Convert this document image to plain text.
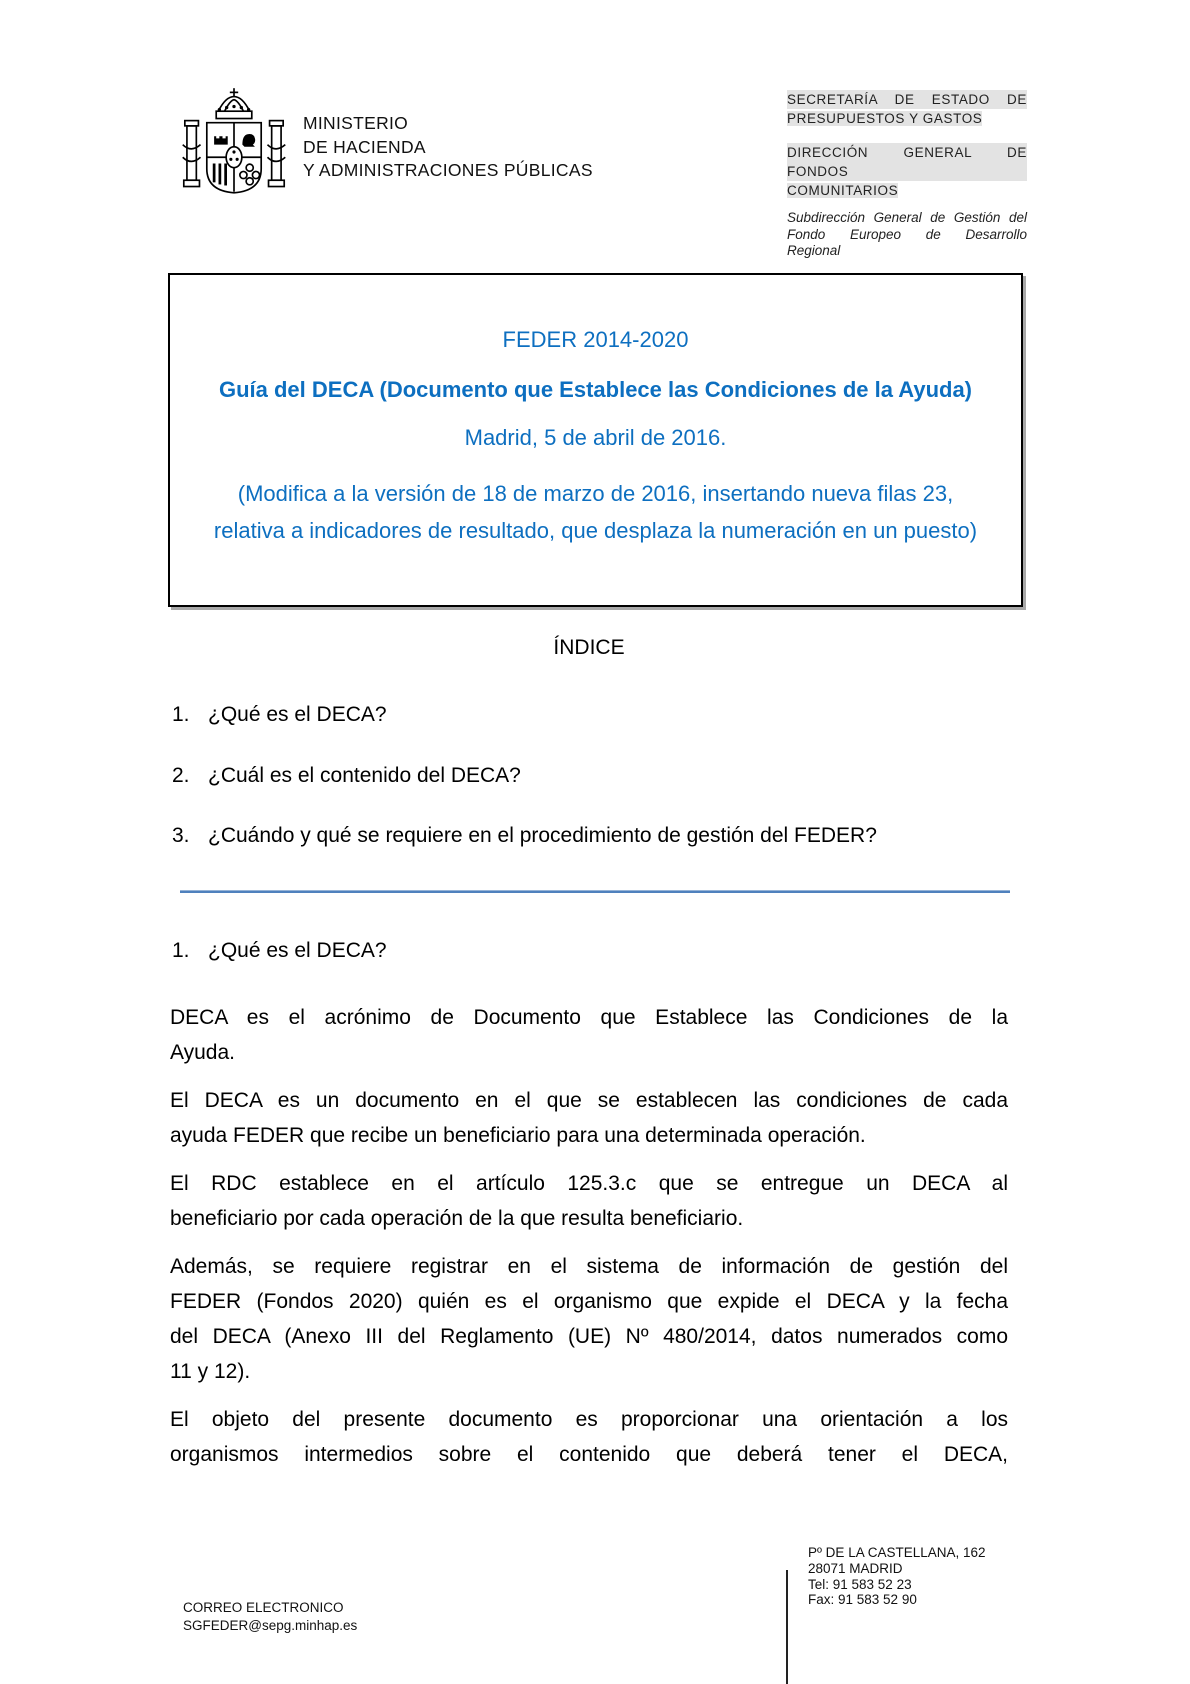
MINISTERIO
DE HACIENDA
Y ADMINISTRACIONES PÚBLICAS
SECRETARÍA DE ESTADO DE
PRESUPUESTOS Y GASTOS
DIRECCIÓN GENERAL DE FONDOS
COMUNITARIOS
Subdirección General de Gestión del
Fondo Europeo de Desarrollo
Regional
FEDER 2014-2020
Guía del DECA (Documento que Establece las Condiciones de la Ayuda)
Madrid, 5 de abril de 2016.
(Modifica a la versión de 18 de marzo de 2016, insertando nueva filas 23,
relativa a indicadores de resultado, que desplaza la numeración en un puesto)
ÍNDICE
1. ¿Qué es el DECA?
2. ¿Cuál es el contenido del DECA?
3. ¿Cuándo y qué se requiere en el procedimiento de gestión del FEDER?
1. ¿Qué es el DECA?

DECA es el acrónimo de Documento que Establece las Condiciones de la
Ayuda.

El DECA es un documento en el que se establecen las condiciones de cada
ayuda FEDER que recibe un beneficiario para una determinada operación.

El RDC establece en el artículo 125.3.c que se entregue un DECA al
beneficiario por cada operación de la que resulta beneficiario.

Además, se requiere registrar en el sistema de información de gestión del
FEDER (Fondos 2020) quién es el organismo que expide el DECA y la fecha
del DECA (Anexo III del Reglamento (UE) Nº 480/2014, datos numerados como
11 y 12).

El objeto del presente documento es proporcionar una orientación a los
organismos intermedios sobre el contenido que deberá tener el DECA,

CORREO ELECTRONICO
SGFEDER@sepg.minhap.es
Pº DE LA CASTELLANA, 162
28071 MADRID
Tel: 91 583 52 23
Fax: 91 583 52 90
